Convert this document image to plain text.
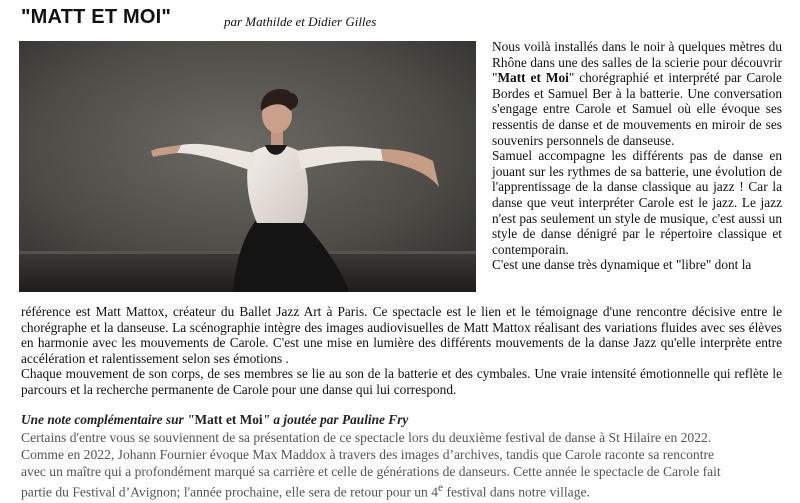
"MATT ET MOI"	par Mathilde et Didier Gilles

Nous voilà installés dans le noir à quelques mètres du Rhône dans une des salles de la scierie pour découvrir "Matt et Moi" chorégraphié et interprété par Carole Bordes et Samuel Ber à la batterie. Une conversation s'engage entre Carole et Samuel où elle évoque ses ressentis de danse et de mouvements en miroir de ses souvenirs personnels de danseuse.

Samuel accompagne les différents pas de danse en jouant sur les rythmes de sa batterie, une évolution de l'apprentissage de la danse classique au jazz ! Car la danse que veut interpréter Carole est le jazz. Le jazz n'est pas seulement un style de musique, c'est aussi un style de danse dénigré par le répertoire classique et contemporain.

C'est une danse très dynamique et "libre" dont la

référence est Matt Mattox, créateur du Ballet Jazz Art à Paris. Ce spectacle est le lien et le témoignage d'une rencontre décisive entre le chorégraphe et la danseuse. La scénographie intègre des images audiovisuelles de Matt Mattox réalisant des variations fluides avec ses élèves en harmonie avec les mouvements de Carole. C'est une mise en lumière des différents mouvements de la danse Jazz qu'elle interprète entre accélération et ralentissement selon ses émotions .

Chaque mouvement de son corps, de ses membres se lie au son de la batterie et des cymbales. Une vraie intensité émotionnelle qui reflète le parcours et la recherche permanente de Carole pour une danse qui lui correspond.

Une note complémentaire sur "Matt et Moi" a joutée par Pauline Fry

Certains d'entre vous se souviennent de sa présentation de ce spectacle lors du deuxième festival de danse à St Hilaire en 2022.

Comme en 2022, Johann Fournier évoque Max Maddox à travers des images d’archives, tandis que Carole raconte sa rencontre

avec un maître qui a profondément marqué sa carrière et celle de générations de danseurs. Cette année le spectacle de Carole fait

partie du Festival d’Avignon; l'année prochaine, elle sera de retour pour un 4e festival dans notre village.
